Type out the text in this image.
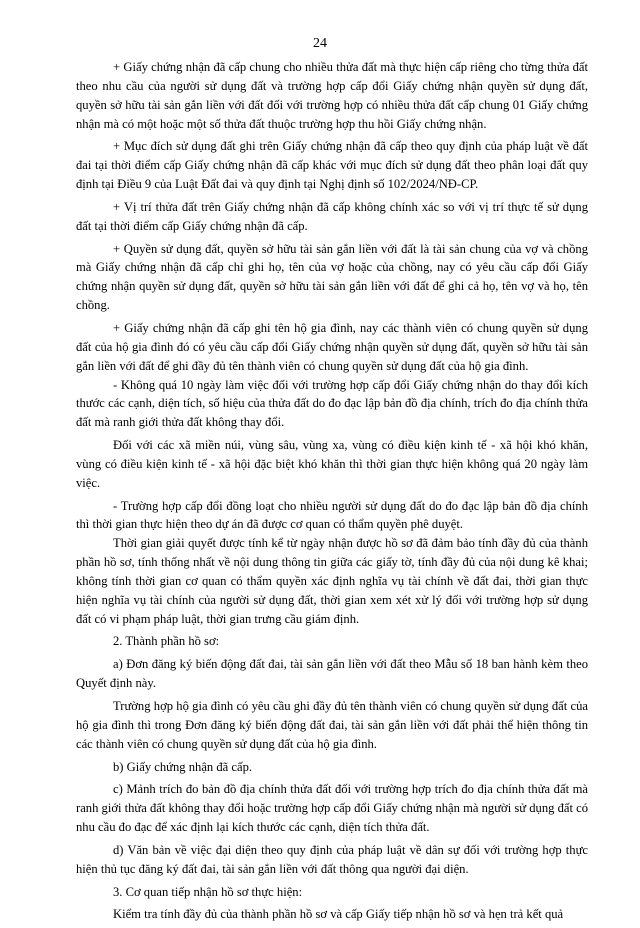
24

+ Giấy chứng nhận đã cấp chung cho nhiều thửa đất mà thực hiện cấp riêng cho từng thửa đất theo nhu cầu của người sử dụng đất và trường hợp cấp đổi Giấy chứng nhận quyền sử dụng đất, quyền sở hữu tài sản gắn liền với đất đối với trường hợp có nhiều thửa đất cấp chung 01 Giấy chứng nhận mà có một hoặc một số thửa đất thuộc trường hợp thu hồi Giấy chứng nhận.

+ Mục đích sử dụng đất ghi trên Giấy chứng nhận đã cấp theo quy định của pháp luật về đất đai tại thời điểm cấp Giấy chứng nhận đã cấp khác với mục đích sử dụng đất theo phân loại đất quy định tại Điều 9 của Luật Đất đai và quy định tại Nghị định số 102/2024/NĐ-CP.

+ Vị trí thửa đất trên Giấy chứng nhận đã cấp không chính xác so với vị trí thực tế sử dụng đất tại thời điểm cấp Giấy chứng nhận đã cấp.

+ Quyền sử dụng đất, quyền sở hữu tài sản gắn liền với đất là tài sản chung của vợ và chồng mà Giấy chứng nhận đã cấp chỉ ghi họ, tên của vợ hoặc của chồng, nay có yêu cầu cấp đổi Giấy chứng nhận quyền sử dụng đất, quyền sở hữu tài sản gắn liền với đất để ghi cả họ, tên vợ và họ, tên chồng.

+ Giấy chứng nhận đã cấp ghi tên hộ gia đình, nay các thành viên có chung quyền sử dụng đất của hộ gia đình đó có yêu cầu cấp đổi Giấy chứng nhận quyền sử dụng đất, quyền sở hữu tài sản gắn liền với đất để ghi đầy đủ tên thành viên có chung quyền sử dụng đất của hộ gia đình.

- Không quá 10 ngày làm việc đối với trường hợp cấp đổi Giấy chứng nhận do thay đổi kích thước các cạnh, diện tích, số hiệu của thửa đất do đo đạc lập bản đồ địa chính, trích đo địa chính thửa đất mà ranh giới thửa đất không thay đổi.

Đối với các xã miền núi, vùng sâu, vùng xa, vùng có điều kiện kinh tế - xã hội khó khăn, vùng có điều kiện kinh tế - xã hội đặc biệt khó khăn thì thời gian thực hiện không quá 20 ngày làm việc.

- Trường hợp cấp đổi đồng loạt cho nhiều người sử dụng đất do đo đạc lập bản đồ địa chính thì thời gian thực hiện theo dự án đã được cơ quan có thẩm quyền phê duyệt.

Thời gian giải quyết được tính kể từ ngày nhận được hồ sơ đã đảm bảo tính đầy đủ của thành phần hồ sơ, tính thống nhất về nội dung thông tin giữa các giấy tờ, tính đầy đủ của nội dung kê khai; không tính thời gian cơ quan có thẩm quyền xác định nghĩa vụ tài chính về đất đai, thời gian thực hiện nghĩa vụ tài chính của người sử dụng đất, thời gian xem xét xử lý đối với trường hợp sử dụng đất có vi phạm pháp luật, thời gian trưng cầu giám định.

2. Thành phần hồ sơ:

a) Đơn đăng ký biến động đất đai, tài sản gắn liền với đất theo Mẫu số 18 ban hành kèm theo Quyết định này.

Trường hợp hộ gia đình có yêu cầu ghi đầy đủ tên thành viên có chung quyền sử dụng đất của hộ gia đình thì trong Đơn đăng ký biến động đất đai, tài sản gắn liền với đất phải thể hiện thông tin các thành viên có chung quyền sử dụng đất của hộ gia đình.

b) Giấy chứng nhận đã cấp.

c) Mảnh trích đo bản đồ địa chính thửa đất đối với trường hợp trích đo địa chính thửa đất mà ranh giới thửa đất không thay đổi hoặc trường hợp cấp đổi Giấy chứng nhận mà người sử dụng đất có nhu cầu đo đạc để xác định lại kích thước các cạnh, diện tích thửa đất.

d) Văn bản về việc đại diện theo quy định của pháp luật về dân sự đối với trường hợp thực hiện thủ tục đăng ký đất đai, tài sản gắn liền với đất thông qua người đại diện.

3. Cơ quan tiếp nhận hồ sơ thực hiện:

Kiểm tra tính đầy đủ của thành phần hồ sơ và cấp Giấy tiếp nhận hồ sơ và hẹn trả kết quả
